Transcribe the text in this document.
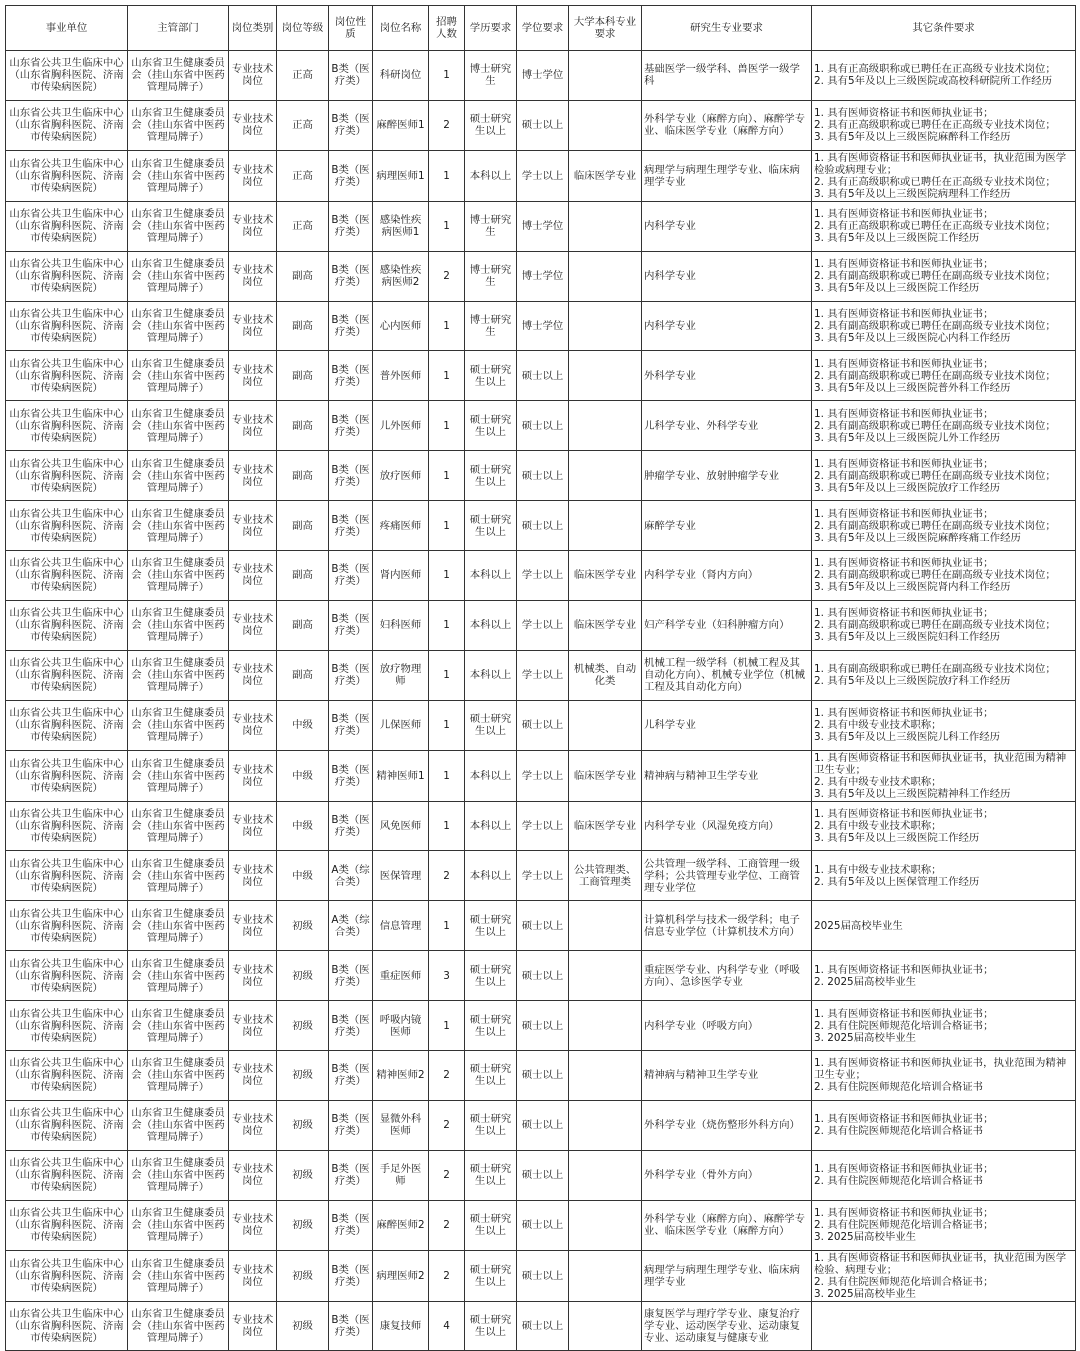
事业单位	主管部门	岗位类别	岗位等级	岗位性质	岗位名称	招聘人数	学历要求	学位要求	大学本科专业要求	研究生专业要求	其它条件要求
山东省公共卫生临床中心（山东省胸科医院、济南市传染病医院）	山东省卫生健康委员会（挂山东省中医药管理局牌子）	专业技术岗位	正高	B类（医疗类）	科研岗位	1	博士研究生	博士学位		基础医学一级学科、兽医学一级学科	1. 具有正高级职称或已聘任在正高级专业技术岗位；
2. 具有5年及以上三级医院或高校科研院所工作经历
山东省公共卫生临床中心（山东省胸科医院、济南市传染病医院）	山东省卫生健康委员会（挂山东省中医药管理局牌子）	专业技术岗位	正高	B类（医疗类）	麻醉医师1	2	硕士研究生以上	硕士以上		外科学专业（麻醉方向）、麻醉学专业、临床医学专业（麻醉方向）	1. 具有医师资格证书和医师执业证书；
2. 具有正高级职称或已聘任在正高级专业技术岗位；
3. 具有5年及以上三级医院麻醉科工作经历
山东省公共卫生临床中心（山东省胸科医院、济南市传染病医院）	山东省卫生健康委员会（挂山东省中医药管理局牌子）	专业技术岗位	正高	B类（医疗类）	病理医师1	1	本科以上	学士以上	临床医学专业	病理学与病理生理学专业、临床病理学专业	1. 具有医师资格证书和医师执业证书，执业范围为医学检验或病理专业；
2. 具有正高级职称或已聘任在正高级专业技术岗位；
3. 具有5年及以上三级医院病理科工作经历
山东省公共卫生临床中心（山东省胸科医院、济南市传染病医院）	山东省卫生健康委员会（挂山东省中医药管理局牌子）	专业技术岗位	正高	B类（医疗类）	感染性疾病医师1	1	博士研究生	博士学位		内科学专业	1. 具有医师资格证书和医师执业证书；
2. 具有正高级职称或已聘任在正高级专业技术岗位；
3. 具有5年及以上三级医院工作经历
山东省公共卫生临床中心（山东省胸科医院、济南市传染病医院）	山东省卫生健康委员会（挂山东省中医药管理局牌子）	专业技术岗位	副高	B类（医疗类）	感染性疾病医师2	2	博士研究生	博士学位		内科学专业	1. 具有医师资格证书和医师执业证书；
2. 具有副高级职称或已聘任在副高级专业技术岗位；
3. 具有5年及以上三级医院工作经历
山东省公共卫生临床中心（山东省胸科医院、济南市传染病医院）	山东省卫生健康委员会（挂山东省中医药管理局牌子）	专业技术岗位	副高	B类（医疗类）	心内医师	1	博士研究生	博士学位		内科学专业	1. 具有医师资格证书和医师执业证书；
2. 具有副高级职称或已聘任在副高级专业技术岗位；
3. 具有5年及以上三级医院心内科工作经历
山东省公共卫生临床中心（山东省胸科医院、济南市传染病医院）	山东省卫生健康委员会（挂山东省中医药管理局牌子）	专业技术岗位	副高	B类（医疗类）	普外医师	1	硕士研究生以上	硕士以上		外科学专业	1. 具有医师资格证书和医师执业证书；
2. 具有副高级职称或已聘任在副高级专业技术岗位；
3. 具有5年及以上三级医院普外科工作经历
山东省公共卫生临床中心（山东省胸科医院、济南市传染病医院）	山东省卫生健康委员会（挂山东省中医药管理局牌子）	专业技术岗位	副高	B类（医疗类）	儿外医师	1	硕士研究生以上	硕士以上		儿科学专业、外科学专业	1. 具有医师资格证书和医师执业证书；
2. 具有副高级职称或已聘任在副高级专业技术岗位；
3. 具有5年及以上三级医院儿外工作经历
山东省公共卫生临床中心（山东省胸科医院、济南市传染病医院）	山东省卫生健康委员会（挂山东省中医药管理局牌子）	专业技术岗位	副高	B类（医疗类）	放疗医师	1	硕士研究生以上	硕士以上		肿瘤学专业、放射肿瘤学专业	1. 具有医师资格证书和医师执业证书；
2. 具有副高级职称或已聘任在副高级专业技术岗位；
3. 具有5年及以上三级医院放疗工作经历
山东省公共卫生临床中心（山东省胸科医院、济南市传染病医院）	山东省卫生健康委员会（挂山东省中医药管理局牌子）	专业技术岗位	副高	B类（医疗类）	疼痛医师	1	硕士研究生以上	硕士以上		麻醉学专业	1. 具有医师资格证书和医师执业证书；
2. 具有副高级职称或已聘任在副高级专业技术岗位；
3. 具有5年及以上三级医院麻醉疼痛工作经历
山东省公共卫生临床中心（山东省胸科医院、济南市传染病医院）	山东省卫生健康委员会（挂山东省中医药管理局牌子）	专业技术岗位	副高	B类（医疗类）	肾内医师	1	本科以上	学士以上	临床医学专业	内科学专业（肾内方向）	1. 具有医师资格证书和医师执业证书；
2. 具有副高级职称或已聘任在副高级专业技术岗位；
3. 具有5年及以上三级医院肾内科工作经历
山东省公共卫生临床中心（山东省胸科医院、济南市传染病医院）	山东省卫生健康委员会（挂山东省中医药管理局牌子）	专业技术岗位	副高	B类（医疗类）	妇科医师	1	本科以上	学士以上	临床医学专业	妇产科学专业（妇科肿瘤方向）	1. 具有医师资格证书和医师执业证书；
2. 具有副高级职称或已聘任在副高级专业技术岗位；
3. 具有5年及以上三级医院妇科工作经历
山东省公共卫生临床中心（山东省胸科医院、济南市传染病医院）	山东省卫生健康委员会（挂山东省中医药管理局牌子）	专业技术岗位	副高	B类（医疗类）	放疗物理师	1	本科以上	学士以上	机械类、自动化类	机械工程一级学科（机械工程及其自动化方向）、机械专业学位（机械工程及其自动化方向）	1. 具有副高级职称或已聘任在副高级专业技术岗位；
2. 具有5年及以上三级医院放疗科工作经历
山东省公共卫生临床中心（山东省胸科医院、济南市传染病医院）	山东省卫生健康委员会（挂山东省中医药管理局牌子）	专业技术岗位	中级	B类（医疗类）	儿保医师	1	硕士研究生以上	硕士以上		儿科学专业	1. 具有医师资格证书和医师执业证书；
2. 具有中级专业技术职称；
3. 具有5年及以上三级医院儿科工作经历
山东省公共卫生临床中心（山东省胸科医院、济南市传染病医院）	山东省卫生健康委员会（挂山东省中医药管理局牌子）	专业技术岗位	中级	B类（医疗类）	精神医师1	1	本科以上	学士以上	临床医学专业	精神病与精神卫生学专业	1. 具有医师资格证书和医师执业证书，执业范围为精神卫生专业；
2. 具有中级专业技术职称；
3. 具有5年及以上三级医院精神科工作经历
山东省公共卫生临床中心（山东省胸科医院、济南市传染病医院）	山东省卫生健康委员会（挂山东省中医药管理局牌子）	专业技术岗位	中级	B类（医疗类）	风免医师	1	本科以上	学士以上	临床医学专业	内科学专业（风湿免疫方向）	1. 具有医师资格证书和医师执业证书；
2. 具有中级专业技术职称；
3. 具有5年及以上三级医院工作经历
山东省公共卫生临床中心（山东省胸科医院、济南市传染病医院）	山东省卫生健康委员会（挂山东省中医药管理局牌子）	专业技术岗位	中级	A类（综合类）	医保管理	2	本科以上	学士以上	公共管理类、工商管理类	公共管理一级学科、工商管理一级学科；公共管理专业学位、工商管理专业学位	1. 具有中级专业技术职称；
2. 具有5年及以上医保管理工作经历
山东省公共卫生临床中心（山东省胸科医院、济南市传染病医院）	山东省卫生健康委员会（挂山东省中医药管理局牌子）	专业技术岗位	初级	A类（综合类）	信息管理	1	硕士研究生以上	硕士以上		计算机科学与技术一级学科；电子信息专业学位（计算机技术方向）	2025届高校毕业生
山东省公共卫生临床中心（山东省胸科医院、济南市传染病医院）	山东省卫生健康委员会（挂山东省中医药管理局牌子）	专业技术岗位	初级	B类（医疗类）	重症医师	3	硕士研究生以上	硕士以上		重症医学专业、内科学专业（呼吸方向）、急诊医学专业	1. 具有医师资格证书和医师执业证书；
2. 2025届高校毕业生
山东省公共卫生临床中心（山东省胸科医院、济南市传染病医院）	山东省卫生健康委员会（挂山东省中医药管理局牌子）	专业技术岗位	初级	B类（医疗类）	呼吸内镜医师	1	硕士研究生以上	硕士以上		内科学专业（呼吸方向）	1. 具有医师资格证书和医师执业证书；
2. 具有住院医师规范化培训合格证书；
3. 2025届高校毕业生
山东省公共卫生临床中心（山东省胸科医院、济南市传染病医院）	山东省卫生健康委员会（挂山东省中医药管理局牌子）	专业技术岗位	初级	B类（医疗类）	精神医师2	2	硕士研究生以上	硕士以上		精神病与精神卫生学专业	1. 具有医师资格证书和医师执业证书，执业范围为精神卫生专业；
2. 具有住院医师规范化培训合格证书
山东省公共卫生临床中心（山东省胸科医院、济南市传染病医院）	山东省卫生健康委员会（挂山东省中医药管理局牌子）	专业技术岗位	初级	B类（医疗类）	显微外科医师	2	硕士研究生以上	硕士以上		外科学专业（烧伤整形外科方向）	1. 具有医师资格证书和医师执业证书；
2. 具有住院医师规范化培训合格证书
山东省公共卫生临床中心（山东省胸科医院、济南市传染病医院）	山东省卫生健康委员会（挂山东省中医药管理局牌子）	专业技术岗位	初级	B类（医疗类）	手足外医师	2	硕士研究生以上	硕士以上		外科学专业（骨外方向）	1. 具有医师资格证书和医师执业证书；
2. 具有住院医师规范化培训合格证书
山东省公共卫生临床中心（山东省胸科医院、济南市传染病医院）	山东省卫生健康委员会（挂山东省中医药管理局牌子）	专业技术岗位	初级	B类（医疗类）	麻醉医师2	2	硕士研究生以上	硕士以上		外科学专业（麻醉方向）、麻醉学专业、临床医学专业（麻醉方向）	1. 具有医师资格证书和医师执业证书；
2. 具有住院医师规范化培训合格证书；
3. 2025届高校毕业生
山东省公共卫生临床中心（山东省胸科医院、济南市传染病医院）	山东省卫生健康委员会（挂山东省中医药管理局牌子）	专业技术岗位	初级	B类（医疗类）	病理医师2	2	硕士研究生以上	硕士以上		病理学与病理生理学专业、临床病理学专业	1. 具有医师资格证书和医师执业证书，执业范围为医学检验、病理专业；
2. 具有住院医师规范化培训合格证书；
3. 2025届高校毕业生
山东省公共卫生临床中心（山东省胸科医院、济南市传染病医院）	山东省卫生健康委员会（挂山东省中医药管理局牌子）	专业技术岗位	初级	B类（医疗类）	康复技师	4	硕士研究生以上	硕士以上		康复医学与理疗学专业、康复治疗学专业、运动医学专业、运动康复专业、运动康复与健康专业	
